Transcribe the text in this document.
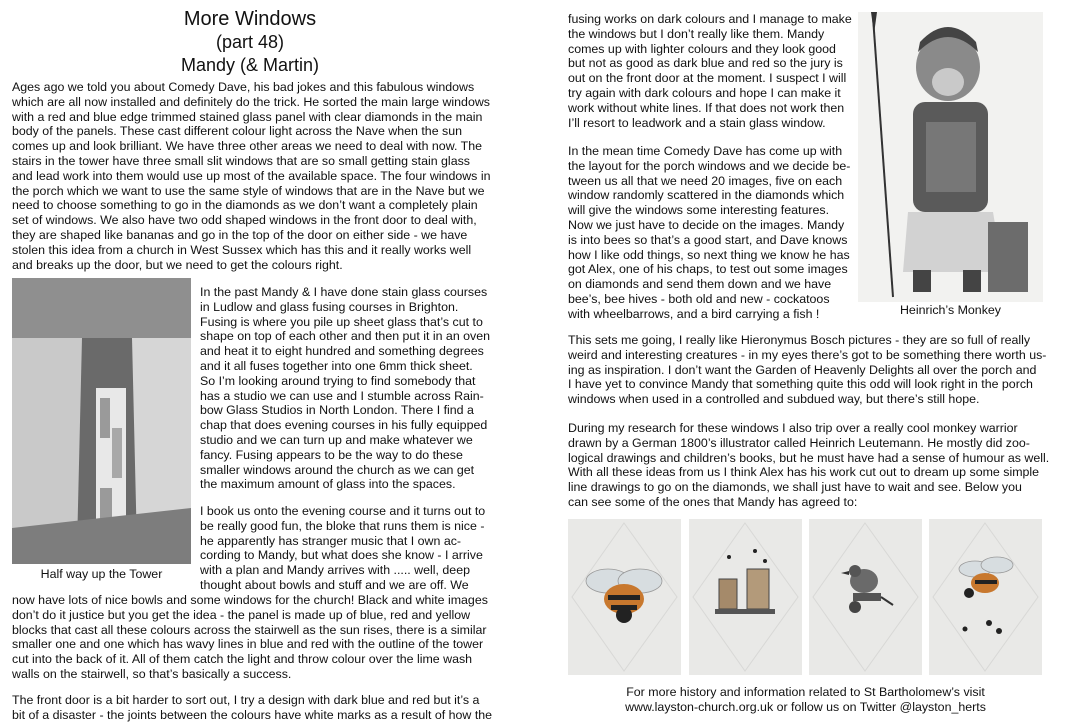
More Windows
(part 48)
Mandy (& Martin)

Ages ago we told you about Comedy Dave, his bad jokes and this fabulous windows
which are all now installed and definitely do the trick. He sorted the main large windows
with a red and blue edge trimmed stained glass panel with clear diamonds in the main
body of the panels. These cast different colour light across the Nave when the sun
comes up and look brilliant. We have three other areas we need to deal with now. The
stairs in the tower have three small slit windows that are so small getting stain glass
and lead work into them would use up most of the available space. The four windows in
the porch which we want to use the same style of windows that are in the Nave but we
need to choose something to go in the diamonds as we don’t want a completely plain
set of windows. We also have two odd shaped windows in the front door to deal with,
they are shaped like bananas and go in the top of the door on either side - we have
stolen this idea from a church in West Sussex which has this and it really works well
and breaks up the door, but we need to get the colours right.

Half way up the Tower

In the past Mandy & I have done stain glass courses
in Ludlow and glass fusing courses in Brighton.
Fusing is where you pile up sheet glass that’s cut to
shape on top of each other and then put it in an oven
and heat it to eight hundred and something degrees
and it all fuses together into one 6mm thick sheet.
So I’m looking around trying to find somebody that
has a studio we can use and I stumble across Rain-
bow Glass Studios in North London. There I find a
chap that does evening courses in his fully equipped
studio and we can turn up and make whatever we
fancy. Fusing appears to be the way to do these
smaller windows around the church as we can get
the maximum amount of glass into the spaces.

I book us onto the evening course and it turns out to
be really good fun, the bloke that runs them is nice -
he apparently has stranger music that I own ac-
cording to Mandy, but what does she know - I arrive
with a plan and Mandy arrives with ..... well, deep
thought about bowls and stuff and we are off. We

now have lots of nice bowls and some windows for the church! Black and white images
don’t do it justice but you get the idea - the panel is made up of blue, red and yellow
blocks that cast all these colours across the stairwell as the sun rises, there is a similar
smaller one and one which has wavy lines in blue and red with the outline of the tower
cut into the back of it. All of them catch the light and throw colour over the lime wash
walls on the stairwell, so that’s basically a success.

The front door is a bit harder to sort out, I try a design with dark blue and red but it’s a
bit of a disaster - the joints between the colours have white marks as a result of how the

fusing works on dark colours and I manage to make
the windows but I don’t really like them. Mandy
comes up with lighter colours and they look good
but not as good as dark blue and red so the jury is
out on the front door at the moment. I suspect I will
try again with dark colours and hope I can make it
work without white lines. If that does not work then
I’ll resort to leadwork and a stain glass window.

In the mean time Comedy Dave has come up with
the layout for the porch windows and we decide be-
tween us all that we need 20 images, five on each
window randomly scattered in the diamonds which
will give the windows some interesting features.
Now we just have to decide on the images. Mandy
is into bees so that’s a good start, and Dave knows
how I like odd things, so next thing we know he has
got Alex, one of his chaps, to test out some images
on diamonds and send them down and we have
bee’s, bee hives - both old and new - cockatoos
with wheelbarrows, and a bird carrying a fish !	Heinrich’s Monkey

This sets me going, I really like Hieronymus Bosch pictures - they are so full of really
weird and interesting creatures - in my eyes there’s got to be something there worth us-
ing as inspiration. I don’t want the Garden of Heavenly Delights all over the porch and
I have yet to convince Mandy that something quite this odd will look right in the porch
windows when used in a controlled and subdued way, but there’s still hope.

During my research for these windows I also trip over a really cool monkey warrior
drawn by a German 1800’s illustrator called Heinrich Leutemann. He mostly did zoo-
logical drawings and children’s books, but he must have had a sense of humour as well.
With all these ideas from us I think Alex has his work cut out to dream up some simple
line drawings to go on the diamonds, we shall just have to wait and see. Below you
can see some of the ones that Mandy has agreed to:

For more history and information related to St Bartholomew’s visit
www.layston-church.org.uk or follow us on Twitter @layston_herts
